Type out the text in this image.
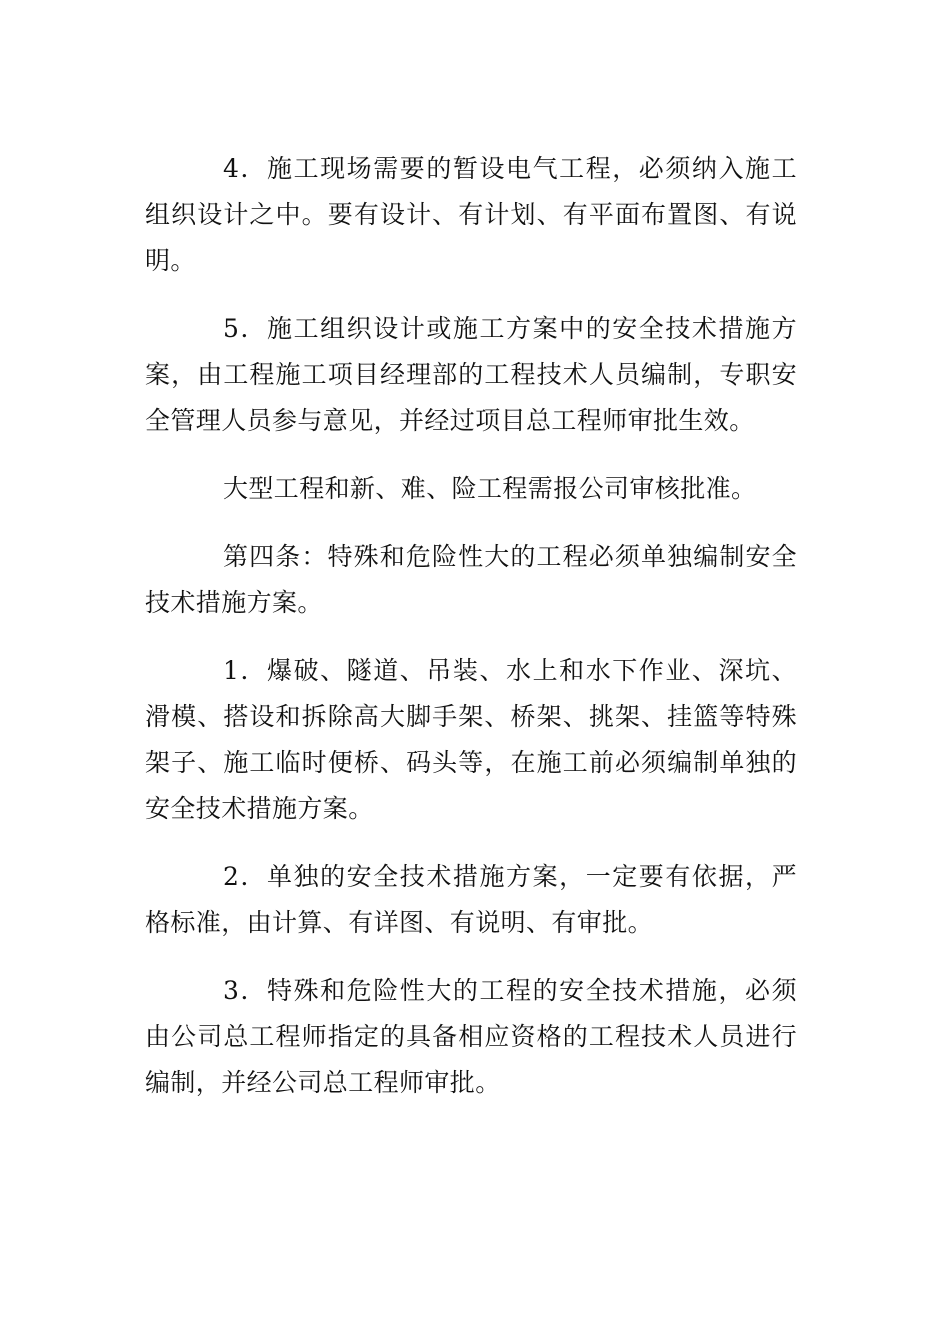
4．施工现场需要的暂设电气工程，必须纳入施工组织设计之中。要有设计、有计划、有平面布置图、有说明。

5．施工组织设计或施工方案中的安全技术措施方案，由工程施工项目经理部的工程技术人员编制，专职安全管理人员参与意见，并经过项目总工程师审批生效。

大型工程和新、难、险工程需报公司审核批准。

第四条：特殊和危险性大的工程必须单独编制安全技术措施方案。

1．爆破、隧道、吊装、水上和水下作业、深坑、滑模、搭设和拆除高大脚手架、桥架、挑架、挂篮等特殊架子、施工临时便桥、码头等，在施工前必须编制单独的安全技术措施方案。

2．单独的安全技术措施方案，一定要有依据，严格标准，由计算、有详图、有说明、有审批。

3．特殊和危险性大的工程的安全技术措施，必须由公司总工程师指定的具备相应资格的工程技术人员进行编制，并经公司总工程师审批。
